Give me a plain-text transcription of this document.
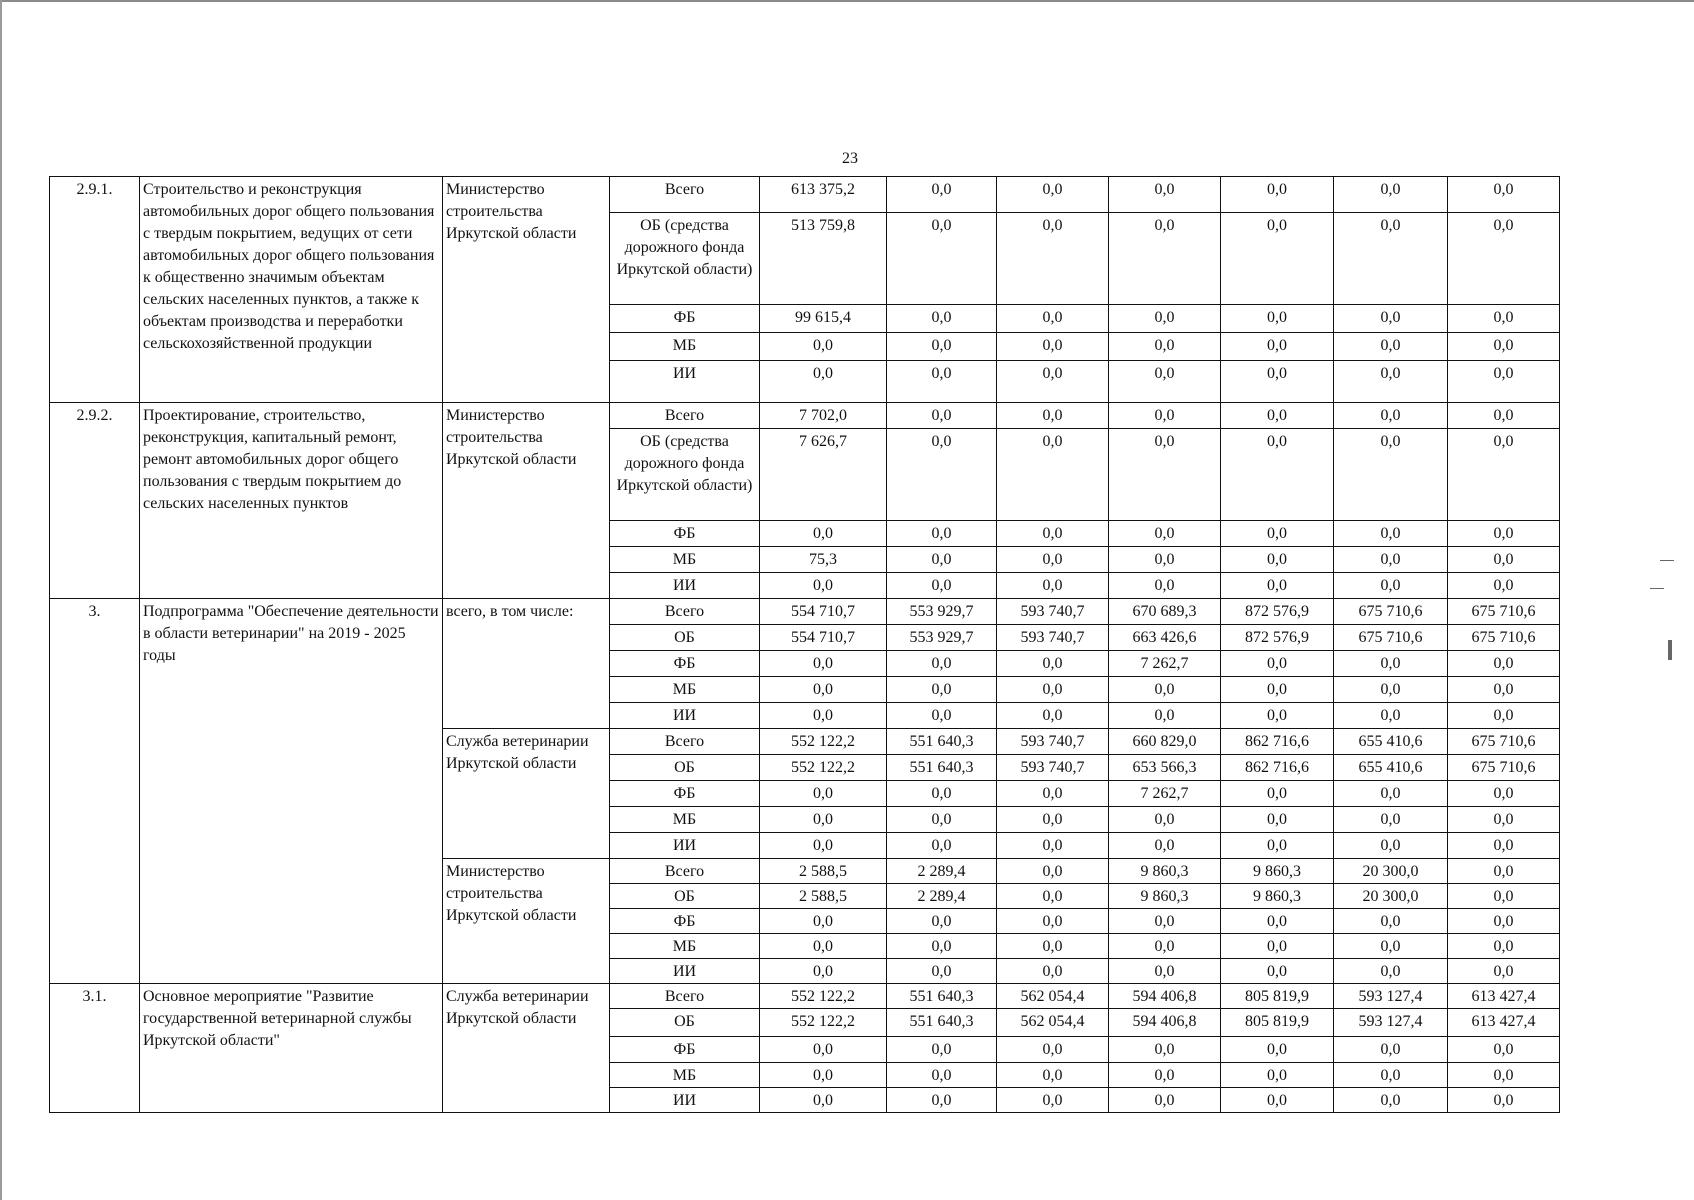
23
2.9.1.	Строительство и реконструкция автомобильных дорог общего пользования с твердым покрытием, ведущих от сети автомобильных дорог общего пользования к общественно значимым объектам сельских населенных пунктов, а также к объектам производства и переработки сельскохозяйственной продукции	Министерство строительства Иркутской области	Всего	613 375,2	0,0	0,0	0,0	0,0	0,0	0,0
			ОБ (средства дорожного фонда Иркутской области)	513 759,8	0,0	0,0	0,0	0,0	0,0	0,0
			ФБ	99 615,4	0,0	0,0	0,0	0,0	0,0	0,0
			МБ	0,0	0,0	0,0	0,0	0,0	0,0	0,0
			ИИ	0,0	0,0	0,0	0,0	0,0	0,0	0,0
2.9.2.	Проектирование, строительство, реконструкция, капитальный ремонт, ремонт автомобильных дорог общего пользования с твердым покрытием до сельских населенных пунктов	Министерство строительства Иркутской области	Всего	7 702,0	0,0	0,0	0,0	0,0	0,0	0,0
			ОБ (средства дорожного фонда Иркутской области)	7 626,7	0,0	0,0	0,0	0,0	0,0	0,0
			ФБ	0,0	0,0	0,0	0,0	0,0	0,0	0,0
			МБ	75,3	0,0	0,0	0,0	0,0	0,0	0,0
			ИИ	0,0	0,0	0,0	0,0	0,0	0,0	0,0
3.	Подпрограмма "Обеспечение деятельности в области ветеринарии" на 2019 - 2025 годы	всего, в том числе:	Всего	554 710,7	553 929,7	593 740,7	670 689,3	872 576,9	675 710,6	675 710,6
			ОБ	554 710,7	553 929,7	593 740,7	663 426,6	872 576,9	675 710,6	675 710,6
			ФБ	0,0	0,0	0,0	7 262,7	0,0	0,0	0,0
			МБ	0,0	0,0	0,0	0,0	0,0	0,0	0,0
			ИИ	0,0	0,0	0,0	0,0	0,0	0,0	0,0
		Служба ветеринарии Иркутской области	Всего	552 122,2	551 640,3	593 740,7	660 829,0	862 716,6	655 410,6	675 710,6
			ОБ	552 122,2	551 640,3	593 740,7	653 566,3	862 716,6	655 410,6	675 710,6
			ФБ	0,0	0,0	0,0	7 262,7	0,0	0,0	0,0
			МБ	0,0	0,0	0,0	0,0	0,0	0,0	0,0
			ИИ	0,0	0,0	0,0	0,0	0,0	0,0	0,0
		Министерство строительства Иркутской области	Всего	2 588,5	2 289,4	0,0	9 860,3	9 860,3	20 300,0	0,0
			ОБ	2 588,5	2 289,4	0,0	9 860,3	9 860,3	20 300,0	0,0
			ФБ	0,0	0,0	0,0	0,0	0,0	0,0	0,0
			МБ	0,0	0,0	0,0	0,0	0,0	0,0	0,0
			ИИ	0,0	0,0	0,0	0,0	0,0	0,0	0,0
3.1.	Основное мероприятие "Развитие государственной ветеринарной службы Иркутской области"	Служба ветеринарии Иркутской области	Всего	552 122,2	551 640,3	562 054,4	594 406,8	805 819,9	593 127,4	613 427,4
			ОБ	552 122,2	551 640,3	562 054,4	594 406,8	805 819,9	593 127,4	613 427,4
			ФБ	0,0	0,0	0,0	0,0	0,0	0,0	0,0
			МБ	0,0	0,0	0,0	0,0	0,0	0,0	0,0
			ИИ	0,0	0,0	0,0	0,0	0,0	0,0	0,0
